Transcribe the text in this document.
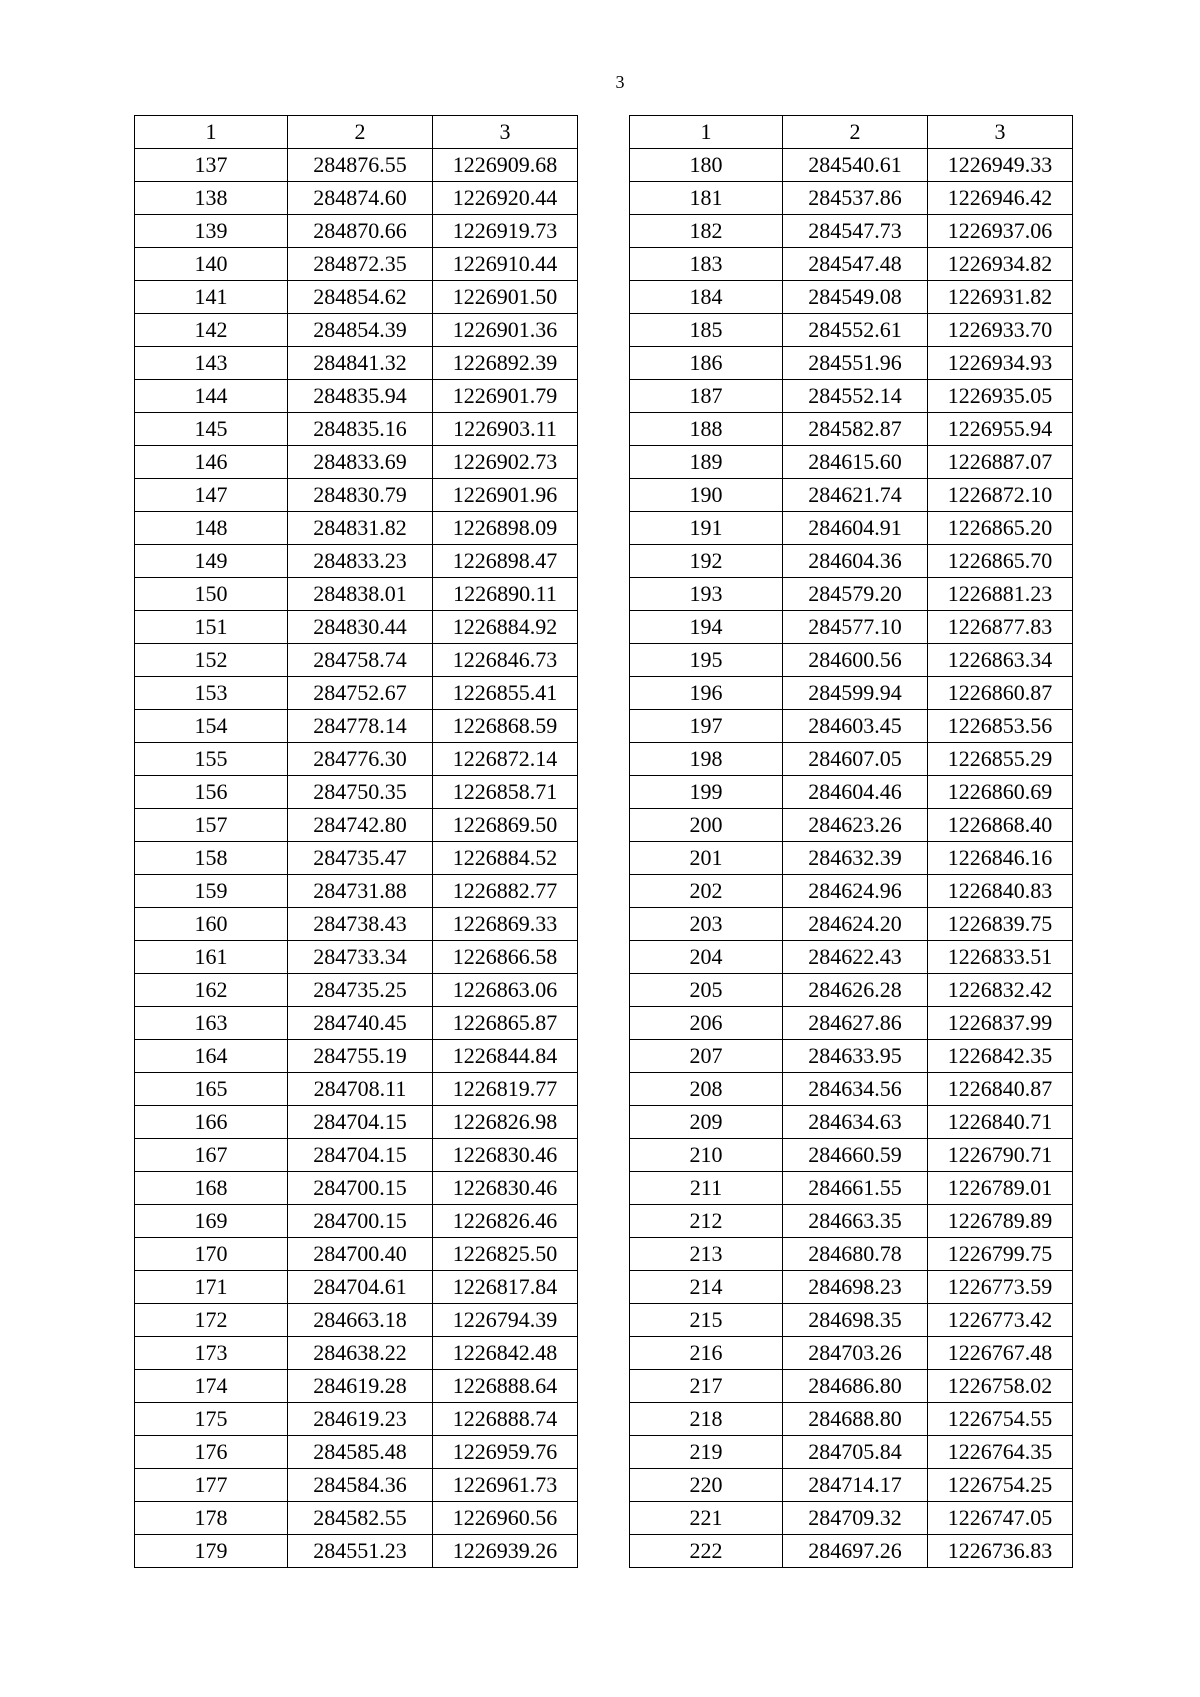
3
1	2	3
137	284876.55	1226909.68
138	284874.60	1226920.44
139	284870.66	1226919.73
140	284872.35	1226910.44
141	284854.62	1226901.50
142	284854.39	1226901.36
143	284841.32	1226892.39
144	284835.94	1226901.79
145	284835.16	1226903.11
146	284833.69	1226902.73
147	284830.79	1226901.96
148	284831.82	1226898.09
149	284833.23	1226898.47
150	284838.01	1226890.11
151	284830.44	1226884.92
152	284758.74	1226846.73
153	284752.67	1226855.41
154	284778.14	1226868.59
155	284776.30	1226872.14
156	284750.35	1226858.71
157	284742.80	1226869.50
158	284735.47	1226884.52
159	284731.88	1226882.77
160	284738.43	1226869.33
161	284733.34	1226866.58
162	284735.25	1226863.06
163	284740.45	1226865.87
164	284755.19	1226844.84
165	284708.11	1226819.77
166	284704.15	1226826.98
167	284704.15	1226830.46
168	284700.15	1226830.46
169	284700.15	1226826.46
170	284700.40	1226825.50
171	284704.61	1226817.84
172	284663.18	1226794.39
173	284638.22	1226842.48
174	284619.28	1226888.64
175	284619.23	1226888.74
176	284585.48	1226959.76
177	284584.36	1226961.73
178	284582.55	1226960.56
179	284551.23	1226939.26
1	2	3
180	284540.61	1226949.33
181	284537.86	1226946.42
182	284547.73	1226937.06
183	284547.48	1226934.82
184	284549.08	1226931.82
185	284552.61	1226933.70
186	284551.96	1226934.93
187	284552.14	1226935.05
188	284582.87	1226955.94
189	284615.60	1226887.07
190	284621.74	1226872.10
191	284604.91	1226865.20
192	284604.36	1226865.70
193	284579.20	1226881.23
194	284577.10	1226877.83
195	284600.56	1226863.34
196	284599.94	1226860.87
197	284603.45	1226853.56
198	284607.05	1226855.29
199	284604.46	1226860.69
200	284623.26	1226868.40
201	284632.39	1226846.16
202	284624.96	1226840.83
203	284624.20	1226839.75
204	284622.43	1226833.51
205	284626.28	1226832.42
206	284627.86	1226837.99
207	284633.95	1226842.35
208	284634.56	1226840.87
209	284634.63	1226840.71
210	284660.59	1226790.71
211	284661.55	1226789.01
212	284663.35	1226789.89
213	284680.78	1226799.75
214	284698.23	1226773.59
215	284698.35	1226773.42
216	284703.26	1226767.48
217	284686.80	1226758.02
218	284688.80	1226754.55
219	284705.84	1226764.35
220	284714.17	1226754.25
221	284709.32	1226747.05
222	284697.26	1226736.83
